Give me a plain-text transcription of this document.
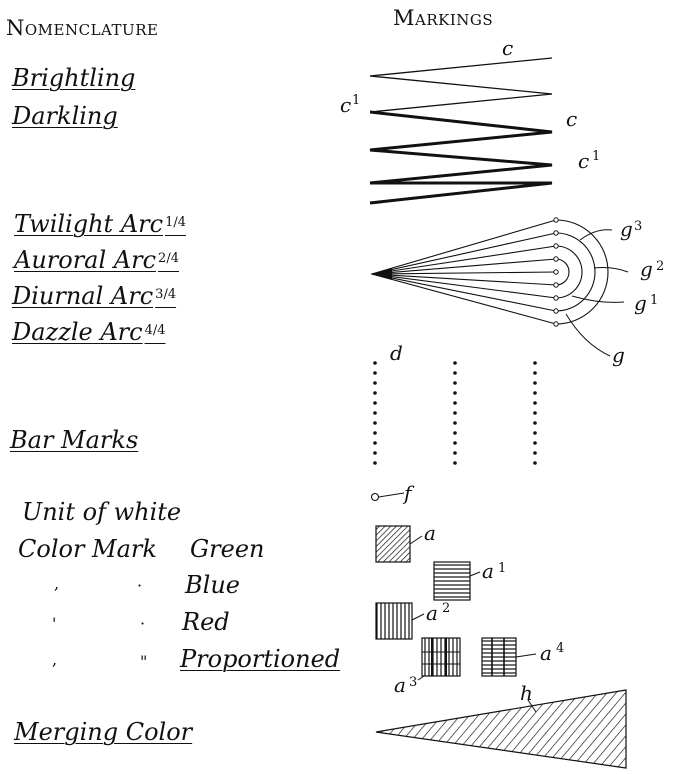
Nomenclature	Markings
Brightling
Darkling
Twilight Arc $^{1/4}$
Auroral Arc $^{2/4}$
Diurnal Arc $^{3/4}$
Dazzle Arc $^{4/4}$
Bar Marks
Unit of white
Color Mark Green
Blue
Red
Proportioned
Merging Color
,	·
'	·
,	"
c
c 1
c
c 1
g 3
g 2
g 1
g
d
f
a
a 1
a 2
a 3
a 4
h
